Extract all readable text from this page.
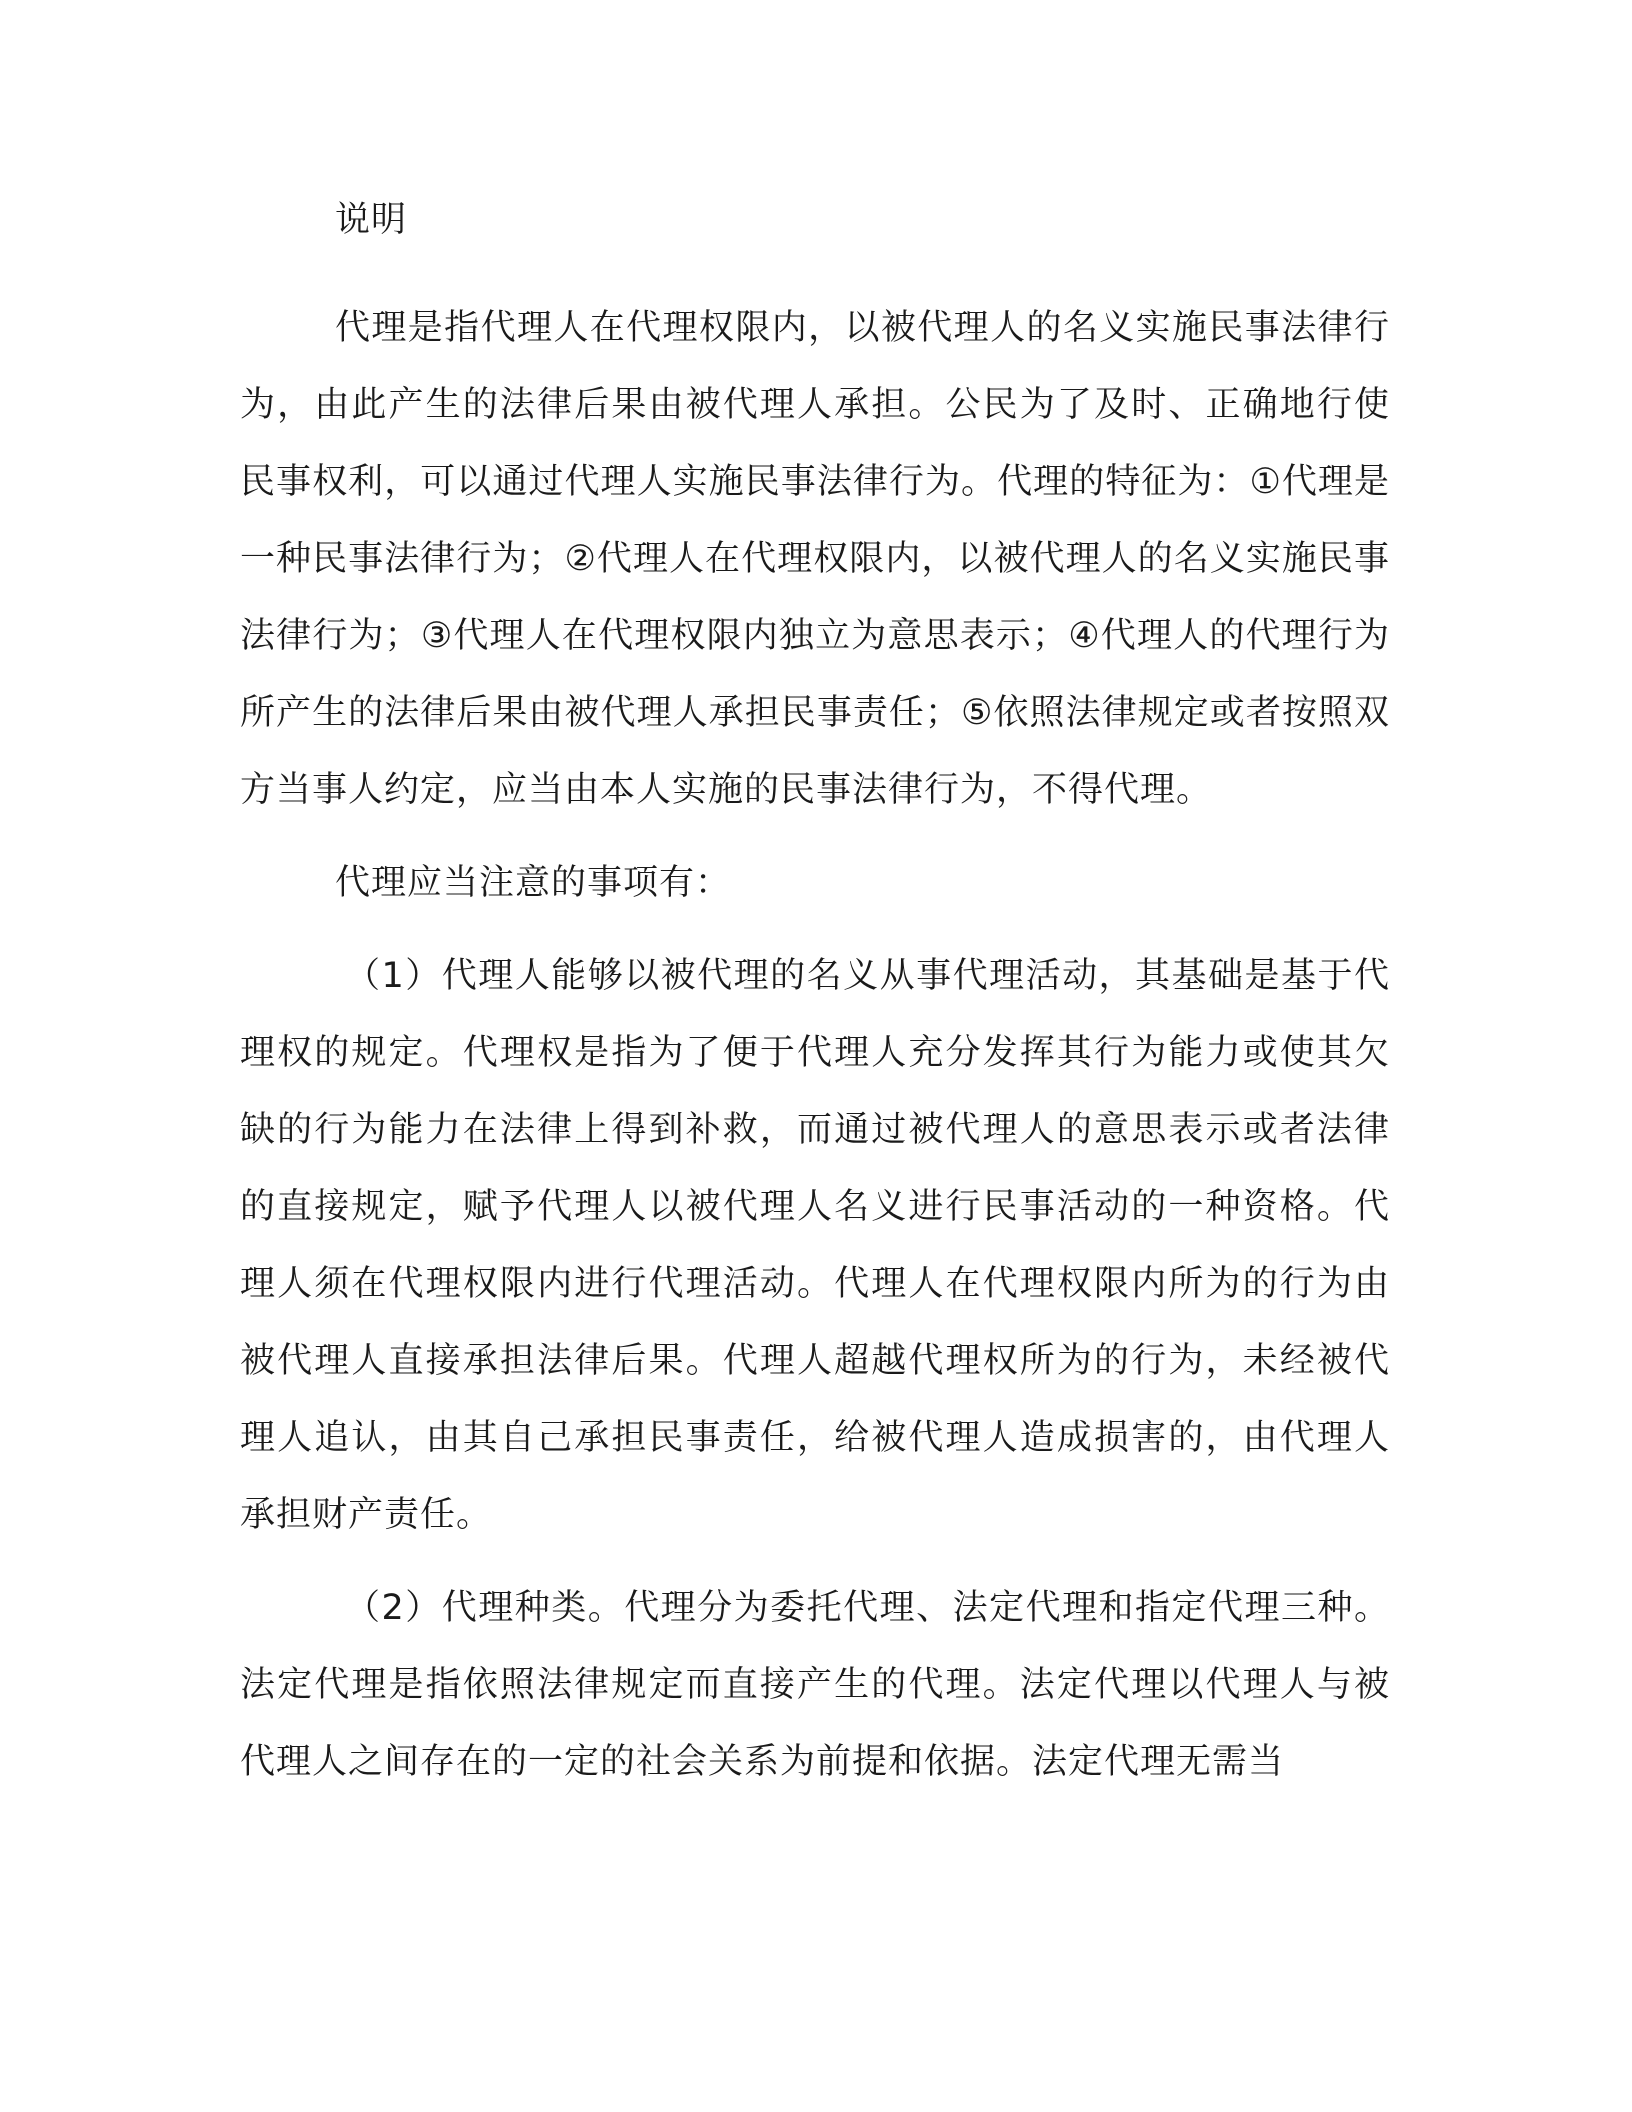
说明

代理是指代理人在代理权限内，以被代理人的名义实施民事法律行为，由此产生的法律后果由被代理人承担。公民为了及时、正确地行使民事权利，可以通过代理人实施民事法律行为。代理的特征为：①代理是一种民事法律行为；②代理人在代理权限内，以被代理人的名义实施民事法律行为；③代理人在代理权限内独立为意思表示；④代理人的代理行为所产生的法律后果由被代理人承担民事责任；⑤依照法律规定或者按照双方当事人约定，应当由本人实施的民事法律行为，不得代理。

代理应当注意的事项有：

（1）代理人能够以被代理的名义从事代理活动，其基础是基于代理权的规定。代理权是指为了便于代理人充分发挥其行为能力或使其欠缺的行为能力在法律上得到补救，而通过被代理人的意思表示或者法律的直接规定，赋予代理人以被代理人名义进行民事活动的一种资格。代理人须在代理权限内进行代理活动。代理人在代理权限内所为的行为由被代理人直接承担法律后果。代理人超越代理权所为的行为，未经被代理人追认，由其自己承担民事责任，给被代理人造成损害的，由代理人承担财产责任。

（2）代理种类。代理分为委托代理、法定代理和指定代理三种。法定代理是指依照法律规定而直接产生的代理。法定代理以代理人与被代理人之间存在的一定的社会关系为前提和依据。法定代理无需当
